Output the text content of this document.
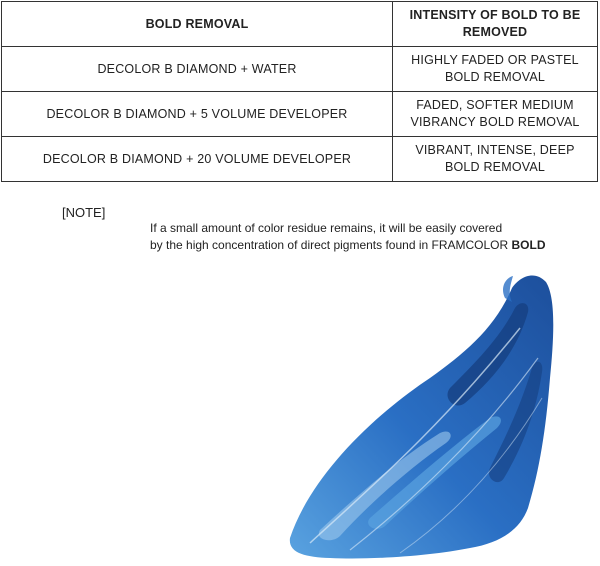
BOLD REMOVAL	INTENSITY OF BOLD TO BE REMOVED
DECOLOR B DIAMOND + WATER	HIGHLY FADED OR PASTEL BOLD REMOVAL
DECOLOR B DIAMOND + 5 VOLUME DEVELOPER	FADED, SOFTER MEDIUM VIBRANCY BOLD REMOVAL
DECOLOR B DIAMOND + 20 VOLUME DEVELOPER	VIBRANT, INTENSE, DEEP BOLD REMOVAL
[NOTE]
If a small amount of color residue remains, it will be easily covered
by the high concentration of direct pigments found in FRAMCOLOR BOLD
